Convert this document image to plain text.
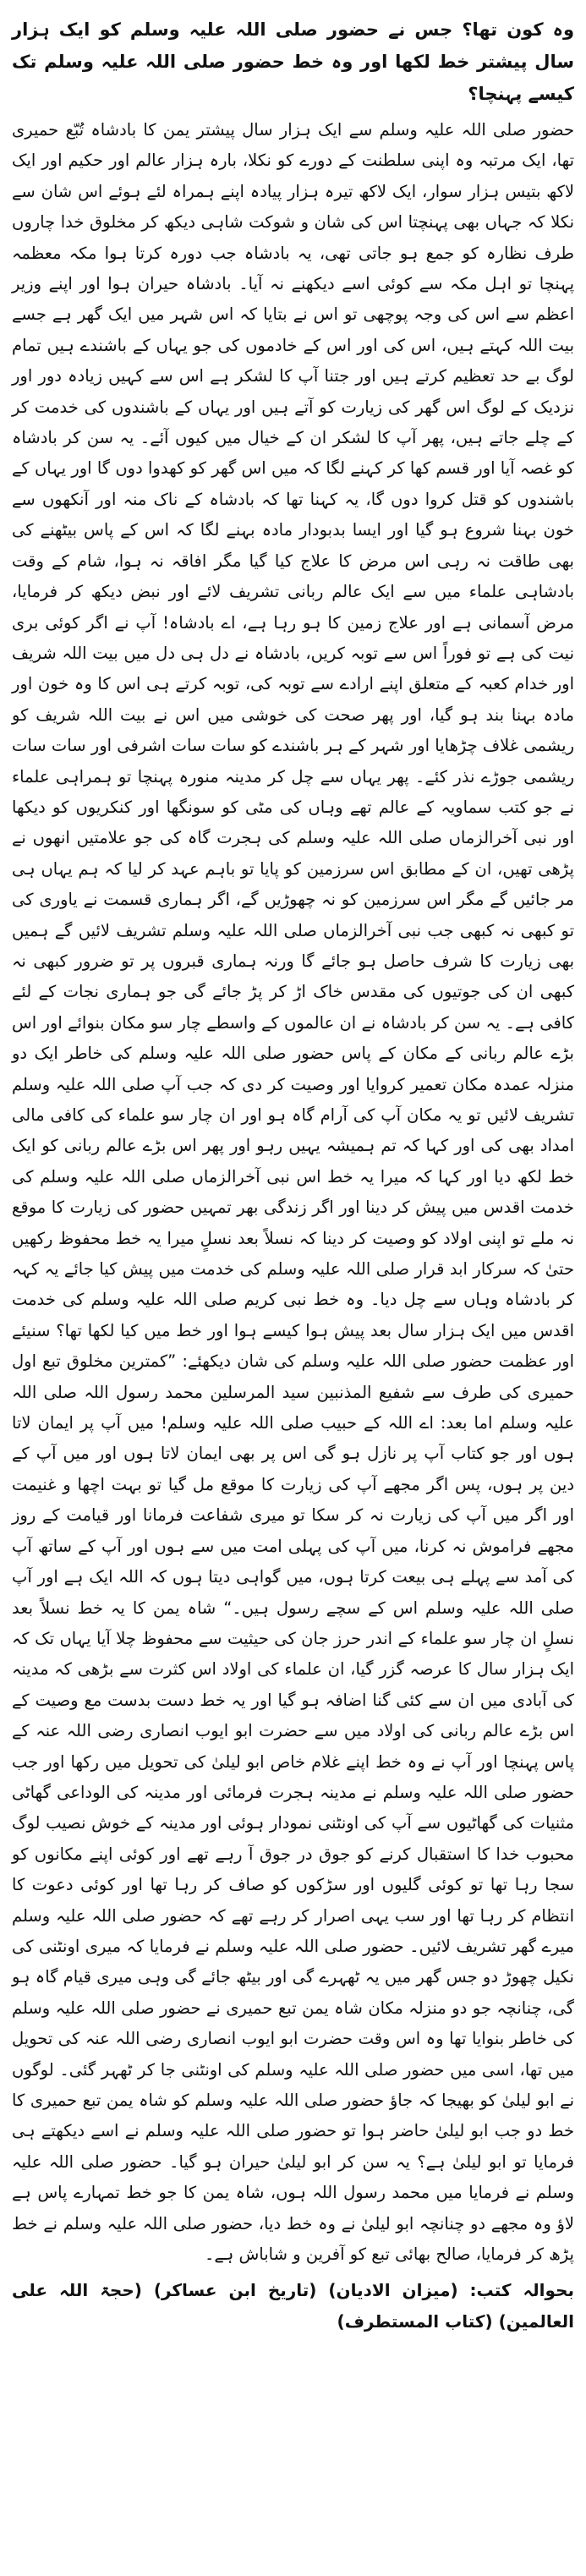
وہ کون تھا؟ جس نے حضور صلی اللہ علیہ وسلم کو ایک ہزار سال پیشتر خط لکھا اور وہ خط حضور صلی اللہ علیہ وسلم تک کیسے پہنچا؟

حضور صلی اللہ علیہ وسلم سے ایک ہزار سال پیشتر یمن کا بادشاہ تُبّع حمیری تھا، ایک مرتبہ وہ اپنی سلطنت کے دورے کو نکلا، بارہ ہزار عالم اور حکیم اور ایک لاکھ بتیس ہزار سوار، ایک لاکھ تیرہ ہزار پیادہ اپنے ہمراہ لئے ہوئے اس شان سے نکلا کہ جہاں بھی پہنچتا اس کی شان و شوکت شاہی دیکھ کر مخلوق خدا چاروں طرف نظارہ کو جمع ہو جاتی تھی، یہ بادشاہ جب دورہ کرتا ہوا مکہ معظمہ پہنچا تو اہل مکہ سے کوئی اسے دیکھنے نہ آیا۔ بادشاہ حیران ہوا اور اپنے وزیر اعظم سے اس کی وجہ پوچھی تو اس نے بتایا کہ اس شہر میں ایک گھر ہے جسے بیت اللہ کہتے ہیں، اس کی اور اس کے خادموں کی جو یہاں کے باشندے ہیں تمام لوگ بے حد تعظیم کرتے ہیں اور جتنا آپ کا لشکر ہے اس سے کہیں زیادہ دور اور نزدیک کے لوگ اس گھر کی زیارت کو آتے ہیں اور یہاں کے باشندوں کی خدمت کر کے چلے جاتے ہیں، پھر آپ کا لشکر ان کے خیال میں کیوں آئے۔ یہ سن کر بادشاہ کو غصہ آیا اور قسم کھا کر کہنے لگا کہ میں اس گھر کو کھدوا دوں گا اور یہاں کے باشندوں کو قتل کروا دوں گا، یہ کہنا تھا کہ بادشاہ کے ناک منہ اور آنکھوں سے خون بہنا شروع ہو گیا اور ایسا بدبودار مادہ بہنے لگا کہ اس کے پاس بیٹھنے کی بھی طاقت نہ رہی اس مرض کا علاج کیا گیا مگر افاقہ نہ ہوا، شام کے وقت بادشاہی علماء میں سے ایک عالم ربانی تشریف لائے اور نبض دیکھ کر فرمایا، مرض آسمانی ہے اور علاج زمین کا ہو رہا ہے، اے بادشاہ! آپ نے اگر کوئی بری نیت کی ہے تو فوراً اس سے توبہ کریں، بادشاہ نے دل ہی دل میں بیت اللہ شریف اور خدام کعبہ کے متعلق اپنے ارادے سے توبہ کی، توبہ کرتے ہی اس کا وہ خون اور مادہ بہنا بند ہو گیا، اور پھر صحت کی خوشی میں اس نے بیت اللہ شریف کو ریشمی غلاف چڑھایا اور شہر کے ہر باشندے کو سات سات اشرفی اور سات سات ریشمی جوڑے نذر کئے۔ پھر یہاں سے چل کر مدینہ منورہ پہنچا تو ہمراہی علماء نے جو کتب سماویہ کے عالم تھے وہاں کی مٹی کو سونگھا اور کنکریوں کو دیکھا اور نبی آخرالزماں صلی اللہ علیہ وسلم کی ہجرت گاہ کی جو علامتیں انھوں نے پڑھی تھیں، ان کے مطابق اس سرزمین کو پایا تو باہم عہد کر لیا کہ ہم یہاں ہی مر جائیں گے مگر اس سرزمین کو نہ چھوڑیں گے، اگر ہماری قسمت نے یاوری کی تو کبھی نہ کبھی جب نبی آخرالزماں صلی اللہ علیہ وسلم تشریف لائیں گے ہمیں بھی زیارت کا شرف حاصل ہو جائے گا ورنہ ہماری قبروں پر تو ضرور کبھی نہ کبھی ان کی جوتیوں کی مقدس خاک اڑ کر پڑ جائے گی جو ہماری نجات کے لئے کافی ہے۔ یہ سن کر بادشاہ نے ان عالموں کے واسطے چار سو مکان بنوائے اور اس بڑے عالم ربانی کے مکان کے پاس حضور صلی اللہ علیہ وسلم کی خاطر ایک دو منزلہ عمدہ مکان تعمیر کروایا اور وصیت کر دی کہ جب آپ صلی اللہ علیہ وسلم تشریف لائیں تو یہ مکان آپ کی آرام گاہ ہو اور ان چار سو علماء کی کافی مالی امداد بھی کی اور کہا کہ تم ہمیشہ یہیں رہو اور پھر اس بڑے عالم ربانی کو ایک خط لکھ دیا اور کہا کہ میرا یہ خط اس نبی آخرالزماں صلی اللہ علیہ وسلم کی خدمت اقدس میں پیش کر دینا اور اگر زندگی بھر تمہیں حضور کی زیارت کا موقع نہ ملے تو اپنی اولاد کو وصیت کر دینا کہ نسلاً بعد نسلٍ میرا یہ خط محفوظ رکھیں حتیٰ کہ سرکار ابد قرار صلی اللہ علیہ وسلم کی خدمت میں پیش کیا جائے یہ کہہ کر بادشاہ وہاں سے چل دیا۔ وہ خط نبی کریم صلی اللہ علیہ وسلم کی خدمت اقدس میں ایک ہزار سال بعد پیش ہوا کیسے ہوا اور خط میں کیا لکھا تھا؟ سنیئے اور عظمت حضور صلی اللہ علیہ وسلم کی شان دیکھئے: ”کمترین مخلوق تبع اول حمیری کی طرف سے شفیع المذنبین سید المرسلین محمد رسول اللہ صلی اللہ علیہ وسلم اما بعد: اے اللہ کے حبیب صلی اللہ علیہ وسلم! میں آپ پر ایمان لاتا ہوں اور جو کتاب آپ پر نازل ہو گی اس پر بھی ایمان لاتا ہوں اور میں آپ کے دین پر ہوں، پس اگر مجھے آپ کی زیارت کا موقع مل گیا تو بہت اچھا و غنیمت اور اگر میں آپ کی زیارت نہ کر سکا تو میری شفاعت فرمانا اور قیامت کے روز مجھے فراموش نہ کرنا، میں آپ کی پہلی امت میں سے ہوں اور آپ کے ساتھ آپ کی آمد سے پہلے ہی بیعت کرتا ہوں، میں گواہی دیتا ہوں کہ اللہ ایک ہے اور آپ صلی اللہ علیہ وسلم اس کے سچے رسول ہیں۔“ شاہ یمن کا یہ خط نسلاً بعد نسلٍ ان چار سو علماء کے اندر حرز جان کی حیثیت سے محفوظ چلا آیا یہاں تک کہ ایک ہزار سال کا عرصہ گزر گیا، ان علماء کی اولاد اس کثرت سے بڑھی کہ مدینہ کی آبادی میں ان سے کئی گنا اضافہ ہو گیا اور یہ خط دست بدست مع وصیت کے اس بڑے عالم ربانی کی اولاد میں سے حضرت ابو ایوب انصاری رضی اللہ عنہ کے پاس پہنچا اور آپ نے وہ خط اپنے غلام خاص ابو لیلیٰ کی تحویل میں رکھا اور جب حضور صلی اللہ علیہ وسلم نے مدینہ ہجرت فرمائی اور مدینہ کی الوداعی گھاٹی مثنیات کی گھاٹیوں سے آپ کی اونٹنی نمودار ہوئی اور مدینہ کے خوش نصیب لوگ محبوب خدا کا استقبال کرنے کو جوق در جوق آ رہے تھے اور کوئی اپنے مکانوں کو سجا رہا تھا تو کوئی گلیوں اور سڑکوں کو صاف کر رہا تھا اور کوئی دعوت کا انتظام کر رہا تھا اور سب یہی اصرار کر رہے تھے کہ حضور صلی اللہ علیہ وسلم میرے گھر تشریف لائیں۔ حضور صلی اللہ علیہ وسلم نے فرمایا کہ میری اونٹنی کی نکیل چھوڑ دو جس گھر میں یہ ٹھہرے گی اور بیٹھ جائے گی وہی میری قیام گاہ ہو گی، چنانچہ جو دو منزلہ مکان شاہ یمن تبع حمیری نے حضور صلی اللہ علیہ وسلم کی خاطر بنوایا تھا وہ اس وقت حضرت ابو ایوب انصاری رضی اللہ عنہ کی تحویل میں تھا، اسی میں حضور صلی اللہ علیہ وسلم کی اونٹنی جا کر ٹھہر گئی۔ لوگوں نے ابو لیلیٰ کو بھیجا کہ جاؤ حضور صلی اللہ علیہ وسلم کو شاہ یمن تبع حمیری کا خط دو جب ابو لیلیٰ حاضر ہوا تو حضور صلی اللہ علیہ وسلم نے اسے دیکھتے ہی فرمایا تو ابو لیلیٰ ہے؟ یہ سن کر ابو لیلیٰ حیران ہو گیا۔ حضور صلی اللہ علیہ وسلم نے فرمایا میں محمد رسول اللہ ہوں، شاہ یمن کا جو خط تمہارے پاس ہے لاؤ وہ مجھے دو چنانچہ ابو لیلیٰ نے وہ خط دیا، حضور صلی اللہ علیہ وسلم نے خط پڑھ کر فرمایا، صالح بھائی تبع کو آفرین و شاباش ہے۔

بحوالہ کتب: (میزان الادیان) (تاریخ ابن عساکر) (حجۃ اللہ علی العالمین) (کتاب المستطرف)
